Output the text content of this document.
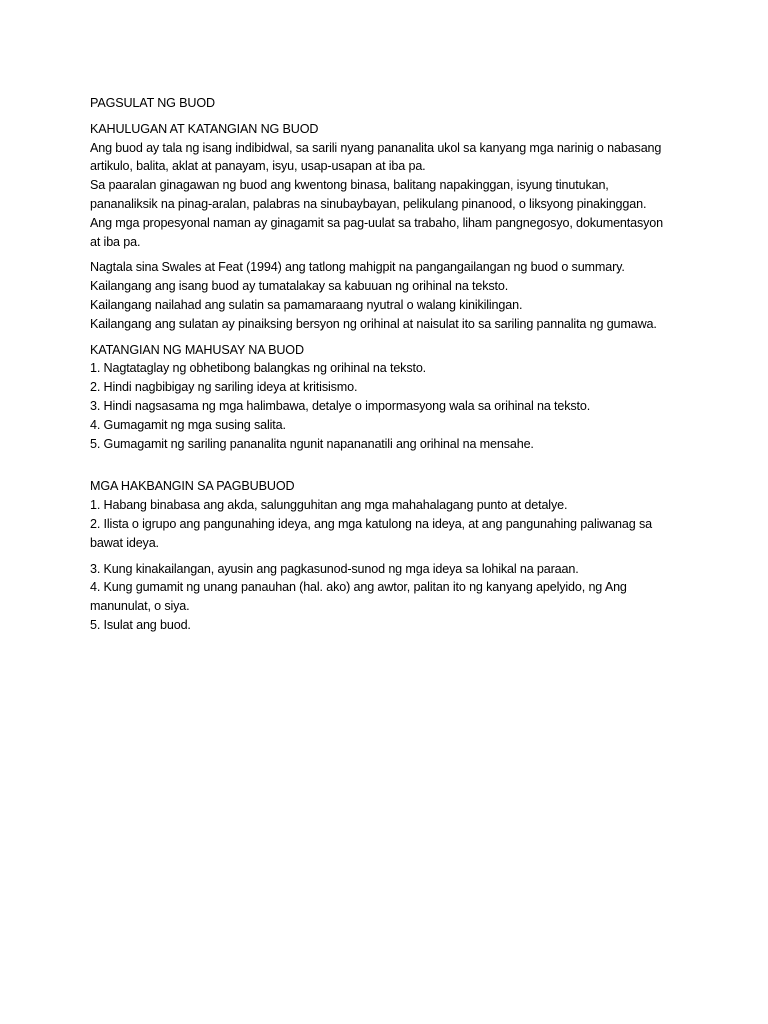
PAGSULAT NG BUOD
KAHULUGAN AT KATANGIAN NG BUOD
Ang buod ay tala ng isang indibidwal, sa sarili nyang pananalita ukol sa kanyang mga narinig o nabasang
artikulo, balita, aklat at panayam, isyu, usap-usapan at iba pa.
Sa paaralan ginagawan ng buod ang kwentong binasa, balitang napakinggan, isyung tinutukan,
pananaliksik na pinag-aralan, palabras na sinubaybayan, pelikulang pinanood, o liksyong pinakinggan.
Ang mga propesyonal naman ay ginagamit sa pag-uulat sa trabaho, liham pangnegosyo, dokumentasyon
at iba pa.
Nagtala sina Swales at Feat (1994) ang tatlong mahigpit na pangangailangan ng buod o summary.
Kailangang ang isang buod ay tumatalakay sa kabuuan ng orihinal na teksto.
Kailangang nailahad ang sulatin sa pamamaraang nyutral o walang kinikilingan.
Kailangang ang sulatan ay pinaiksing bersyon ng orihinal at naisulat ito sa sariling pannalita ng gumawa.
KATANGIAN NG MAHUSAY NA BUOD
1. Nagtataglay ng obhetibong balangkas ng orihinal na teksto.
2. Hindi nagbibigay ng sariling ideya at kritisismo.
3. Hindi nagsasama ng mga halimbawa, detalye o impormasyong wala sa orihinal na teksto.
4. Gumagamit ng mga susing salita.
5. Gumagamit ng sariling pananalita ngunit napananatili ang orihinal na mensahe.
MGA HAKBANGIN SA PAGBUBUOD
1. Habang binabasa ang akda, salungguhitan ang mga mahahalagang punto at detalye.
2. Ilista o igrupo ang pangunahing ideya, ang mga katulong na ideya, at ang pangunahing paliwanag sa
bawat ideya.
3. Kung kinakailangan, ayusin ang pagkasunod-sunod ng mga ideya sa lohikal na paraan.
4. Kung gumamit ng unang panauhan (hal. ako) ang awtor, palitan ito ng kanyang apelyido, ng Ang
manunulat, o siya.
5. Isulat ang buod.
